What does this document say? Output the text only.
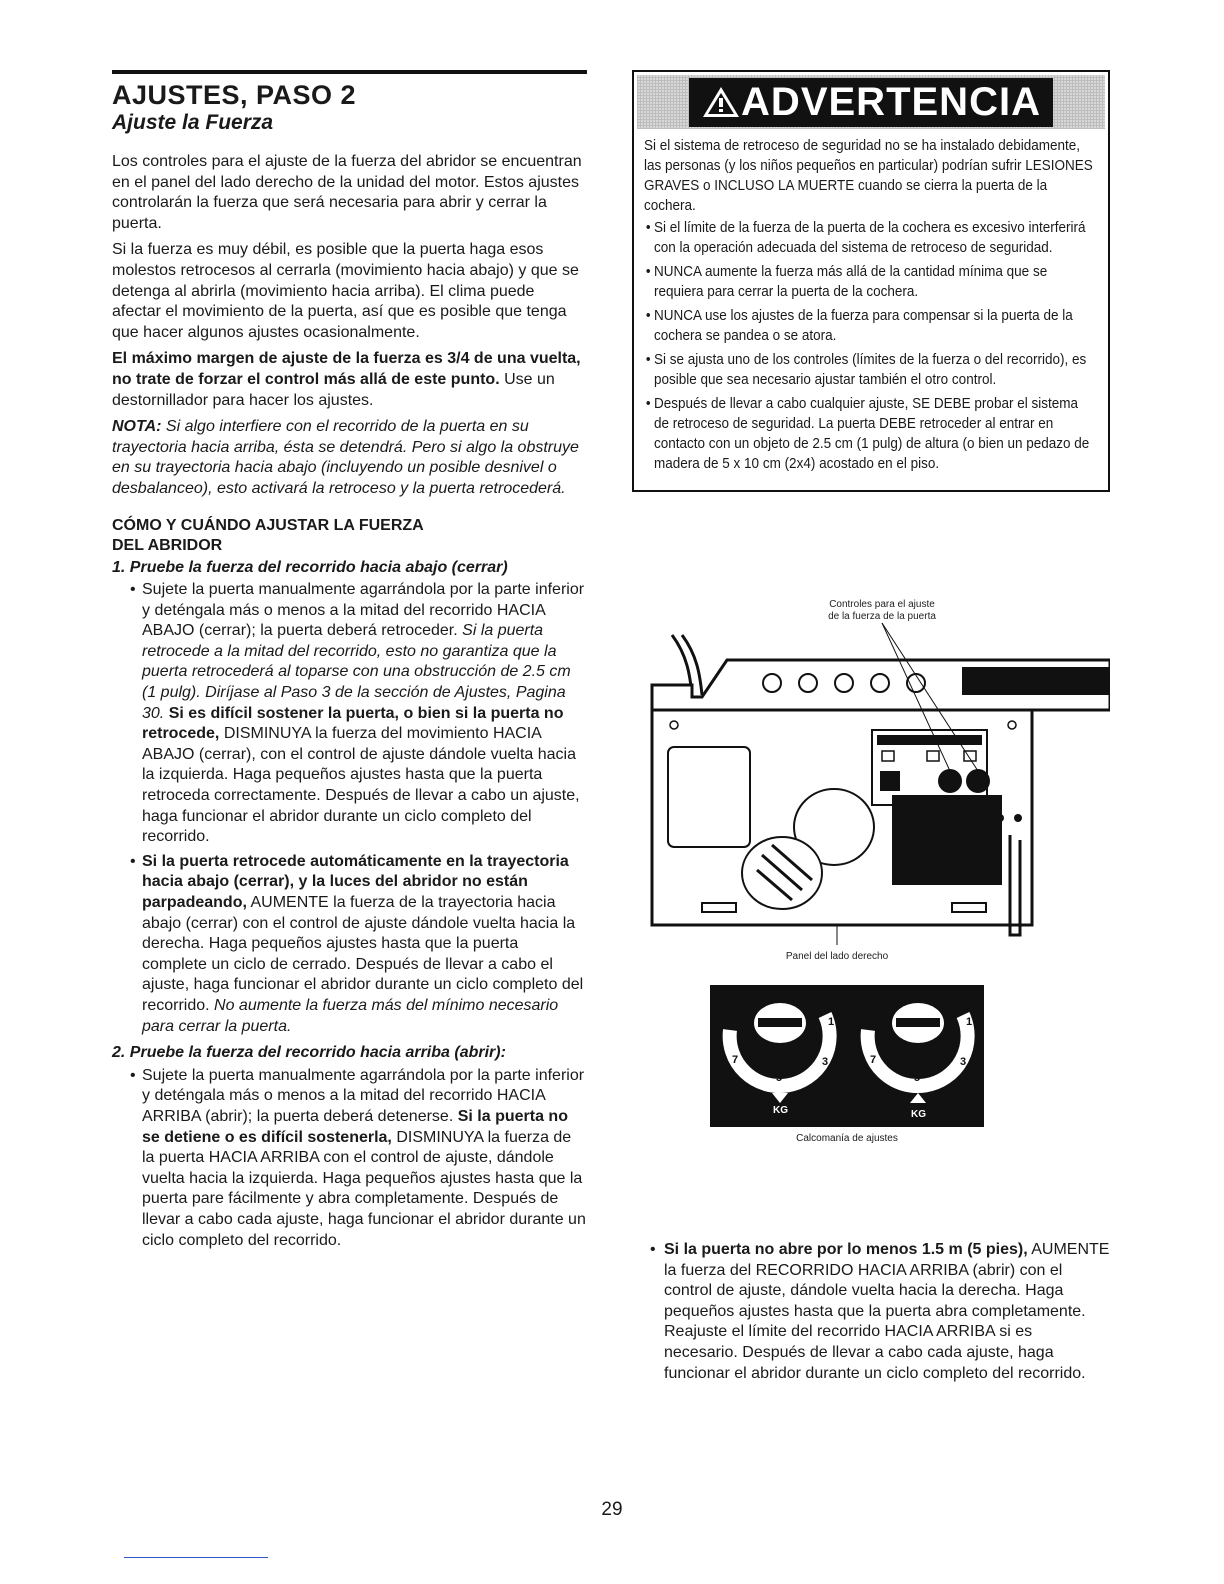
AJUSTES, PASO 2
Ajuste la Fuerza

Los controles para el ajuste de la fuerza del abridor se encuentran en el panel del lado derecho de la unidad del motor. Estos ajustes controlarán la fuerza que será necesaria para abrir y cerrar la puerta.

Si la fuerza es muy débil, es posible que la puerta haga esos molestos retrocesos al cerrarla (movimiento hacia abajo) y que se detenga al abrirla (movimiento hacia arriba). El clima puede afectar el movimiento de la puerta, así que es posible que tenga que hacer algunos ajustes ocasionalmente.

El máximo margen de ajuste de la fuerza es 3/4 de una vuelta, no trate de forzar el control más allá de este punto. Use un destornillador para hacer los ajustes.

NOTA: Si algo interfiere con el recorrido de la puerta en su trayectoria hacia arriba, ésta se detendrá. Pero si algo la obstruye en su trayectoria hacia abajo (incluyendo un posible desnivel o desbalanceo), esto activará la retroceso y la puerta retrocederá.

CÓMO Y CUÁNDO AJUSTAR LA FUERZA
DEL ABRIDOR
1. Pruebe la fuerza del recorrido hacia abajo (cerrar)
• Sujete la puerta manualmente agarrándola por la parte inferior y deténgala más o menos a la mitad del recorrido HACIA ABAJO (cerrar); la puerta deberá retroceder. Si la puerta retrocede a la mitad del recorrido, esto no garantiza que la puerta retrocederá al toparse con una obstrucción de 2.5 cm (1 pulg). Diríjase al Paso 3 de la sección de Ajustes, Pagina 30. Si es difícil sostener la puerta, o bien si la puerta no retrocede, DISMINUYA la fuerza del movimiento HACIA ABAJO (cerrar), con el control de ajuste dándole vuelta hacia la izquierda. Haga pequeños ajustes hasta que la puerta retroceda correctamente. Después de llevar a cabo un ajuste, haga funcionar el abridor durante un ciclo completo del recorrido.
• Si la puerta retrocede automáticamente en la trayectoria hacia abajo (cerrar), y la luces del abridor no están parpadeando, AUMENTE la fuerza de la trayectoria hacia abajo (cerrar) con el control de ajuste dándole vuelta hacia la derecha. Haga pequeños ajustes hasta que la puerta complete un ciclo de cerrado. Después de llevar a cabo el ajuste, haga funcionar el abridor durante un ciclo completo del recorrido. No aumente la fuerza más del mínimo necesario para cerrar la puerta.
2. Pruebe la fuerza del recorrido hacia arriba (abrir):
• Sujete la puerta manualmente agarrándola por la parte inferior y deténgala más o menos a la mitad del recorrido HACIA ARRIBA (abrir); la puerta deberá detenerse. Si la puerta no se detiene o es difícil sostenerla, DISMINUYA la fuerza de la puerta HACIA ARRIBA con el control de ajuste, dándole vuelta hacia la izquierda. Haga pequeños ajustes hasta que la puerta pare fácilmente y abra completamente. Después de llevar a cabo cada ajuste, haga funcionar el abridor durante un ciclo completo del recorrido.
ADVERTENCIA

Si el sistema de retroceso de seguridad no se ha instalado debidamente, las personas (y los niños pequeños en particular) podrían sufrir LESIONES GRAVES o INCLUSO LA MUERTE cuando se cierra la puerta de la cochera.

• Si el límite de la fuerza de la puerta de la cochera es excesivo interferirá con la operación adecuada del sistema de retroceso de seguridad.
• NUNCA aumente la fuerza más allá de la cantidad mínima que se requiera para cerrar la puerta de la cochera.
• NUNCA use los ajustes de la fuerza para compensar si la puerta de la cochera se pandea o se atora.
• Si se ajusta uno de los controles (límites de la fuerza o del recorrido), es posible que sea necesario ajustar también el otro control.
• Después de llevar a cabo cualquier ajuste, SE DEBE probar el sistema de retroceso de seguridad. La puerta DEBE retroceder al entrar en contacto con un objeto de 2.5 cm (1 pulg) de altura (o bien un pedazo de madera de 5 x 10 cm (2x4) acostado en el piso.
Controles para el ajuste
de la fuerza de la puerta
Panel del lado derecho
9
7
5
3
1
KG
9
7
5
3
1
KG
Calcomanía de ajustes

• Si la puerta no abre por lo menos 1.5 m (5 pies), AUMENTE la fuerza del RECORRIDO HACIA ARRIBA (abrir) con el control de ajuste, dándole vuelta hacia la derecha. Haga pequeños ajustes hasta que la puerta abra completamente. Reajuste el límite del recorrido HACIA ARRIBA si es necesario. Después de llevar a cabo cada ajuste, haga funcionar el abridor durante un ciclo completo del recorrido.

29
